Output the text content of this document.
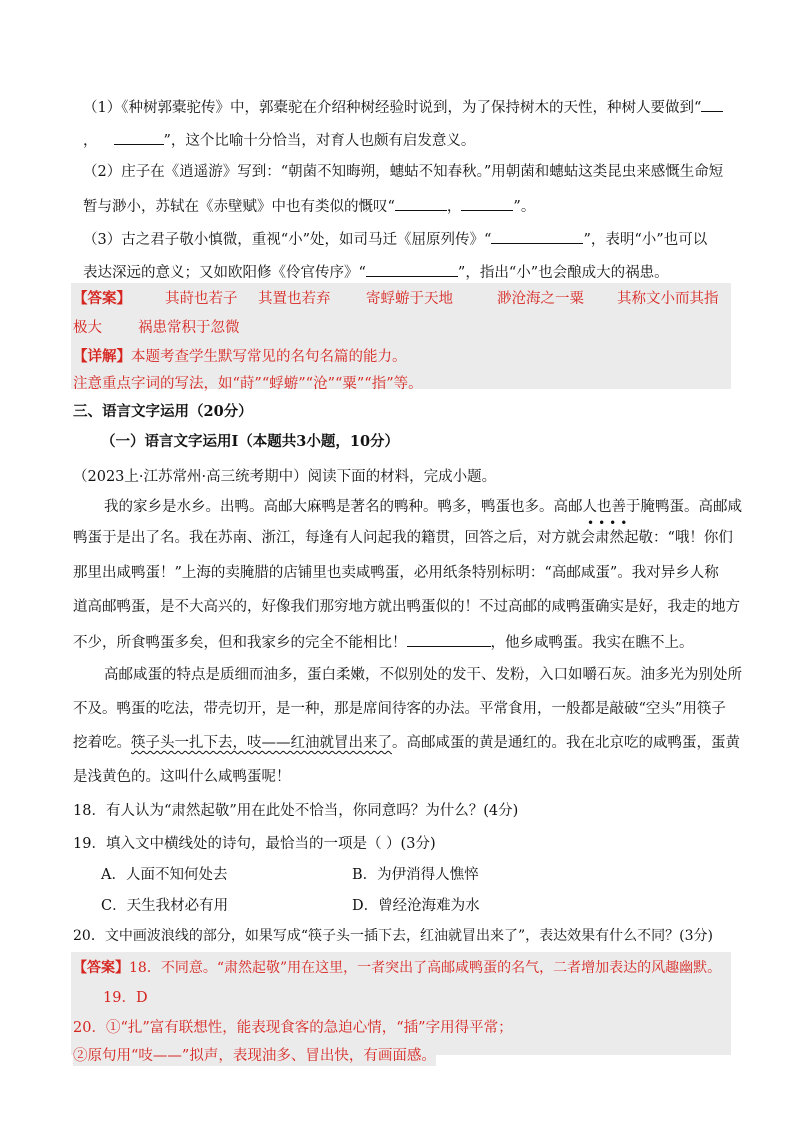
（1）《种树郭橐驼传》中，郭橐驼在介绍种树经验时说到，为了保持树木的天性，种树人要做到“
，	”，这个比喻十分恰当，对育人也颇有启发意义。
（2）庄子在《逍遥游》写到：“朝菌不知晦朔，蟪蛄不知春秋。”用朝菌和蟪蛄这类昆虫来感慨生命短
暂与渺小，苏轼在《赤壁赋》中也有类似的慨叹“	，	”。
（3）古之君子敬小慎微，重视“小”处，如司马迁《屈原列传》“	”，表明“小”也可以
表达深远的意义；又如欧阳修《伶官传序》“	”，指出“小”也会酿成大的祸患。
【答案】 其莳也若子 其置也若弃 寄蜉蝣于天地	渺沧海之一粟 其称文小而其指
极大 祸患常积于忽微
【详解】本题考查学生默写常见的名句名篇的能力。
注意重点字词的写法，如“莳”“蜉蝣”“沧”“粟”“指”等。
三、语言文字运用（20分）
（一）语言文字运用Ⅰ（本题共3小题，10分）
（2023上·江苏常州·高三统考期中）阅读下面的材料，完成小题。
我的家乡是水乡。出鸭。高邮大麻鸭是著名的鸭种。鸭多，鸭蛋也多。高邮人也善于腌鸭蛋。高邮咸
••••
鸭蛋于是出了名。我在苏南、浙江，每逢有人问起我的籍贯，回答之后，对方就会肃然起敬：“哦！你们
那里出咸鸭蛋！”上海的卖腌腊的店铺里也卖咸鸭蛋，必用纸条特别标明：“高邮咸蛋”。我对异乡人称
道高邮鸭蛋，是不大高兴的，好像我们那穷地方就出鸭蛋似的！不过高邮的咸鸭蛋确实是好，我走的地方
不少，所食鸭蛋多矣，但和我家乡的完全不能相比！	，他乡咸鸭蛋。我实在瞧不上。
高邮咸蛋的特点是质细而油多，蛋白柔嫩，不似别处的发干、发粉，入口如嚼石灰。油多光为别处所
不及。鸭蛋的吃法，带壳切开，是一种，那是席间待客的办法。平常食用，一般都是敲破“空头”用筷子
挖着吃。筷子头一扎下去，吱——红油就冒出来了。高邮咸蛋的黄是通红的。我在北京吃的咸鸭蛋，蛋黄
是浅黄色的。这叫什么咸鸭蛋呢！
18．有人认为“肃然起敬”用在此处不恰当，你同意吗？为什么？(4分)
19．填入文中横线处的诗句，最恰当的一项是（ ）(3分)
A．人面不知何处去	B．为伊消得人憔悴
C．天生我材必有用	D．曾经沧海难为水
20．文中画波浪线的部分，如果写成“筷子头一插下去，红油就冒出来了”，表达效果有什么不同？(3分)
【答案】18．不同意。“肃然起敬”用在这里，一者突出了高邮咸鸭蛋的名气，二者增加表达的风趣幽默。
19．D
20．①“扎”富有联想性，能表现食客的急迫心情，“插”字用得平常；
②原句用“吱——”拟声，表现油多、冒出快，有画面感。
